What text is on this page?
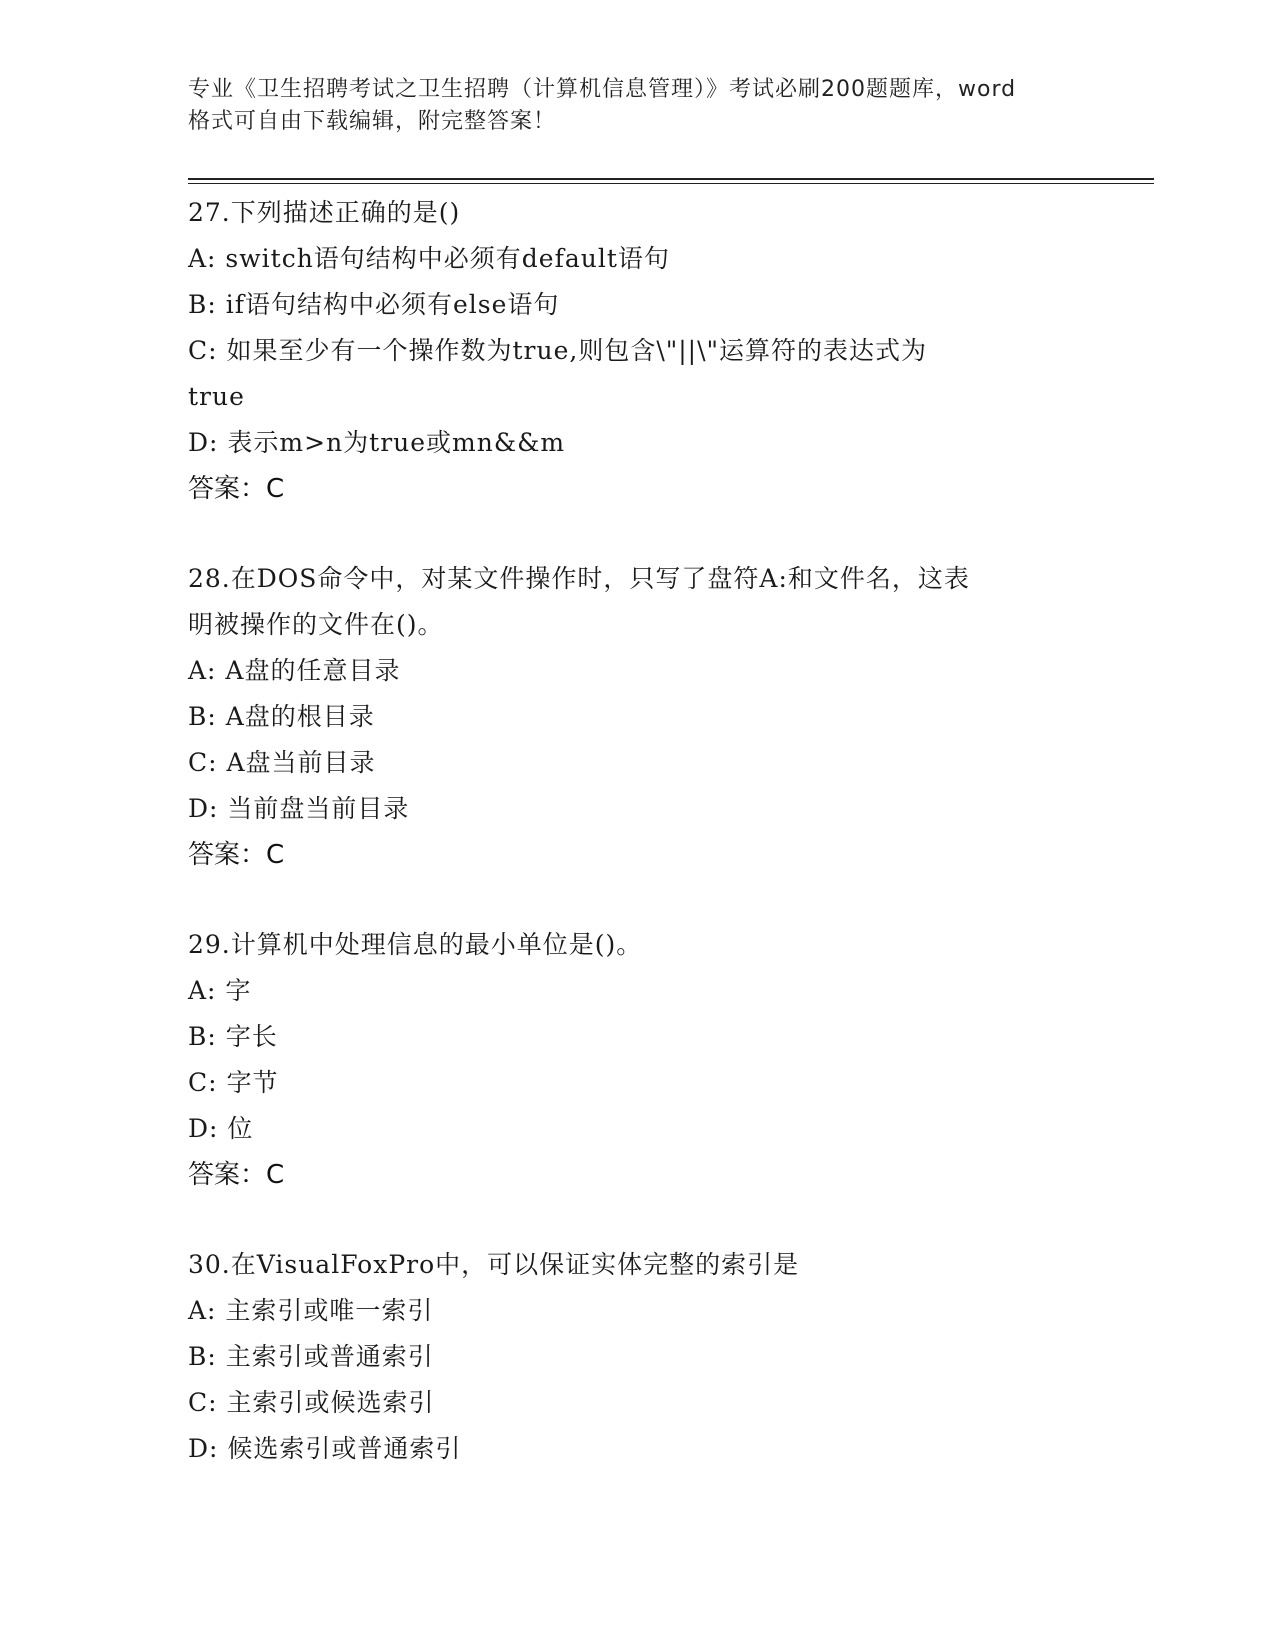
专业《卫生招聘考试之卫生招聘（计算机信息管理）》考试必刷200题题库，word
格式可自由下载编辑，附完整答案！
27.下列描述正确的是()
A: switch语句结构中必须有default语句
B: if语句结构中必须有else语句
C: 如果至少有一个操作数为true,则包含\"||\"运算符的表达式为
true
D: 表示m>n为true或mn&&m
答案：C
28.在DOS命令中，对某文件操作时，只写了盘符A:和文件名，这表
明被操作的文件在()。
A: A盘的任意目录
B: A盘的根目录
C: A盘当前目录
D: 当前盘当前目录
答案：C
29.计算机中处理信息的最小单位是()。
A: 字
B: 字长
C: 字节
D: 位
答案：C
30.在VisualFoxPro中，可以保证实体完整的索引是
A: 主索引或唯一索引
B: 主索引或普通索引
C: 主索引或候选索引
D: 候选索引或普通索引
